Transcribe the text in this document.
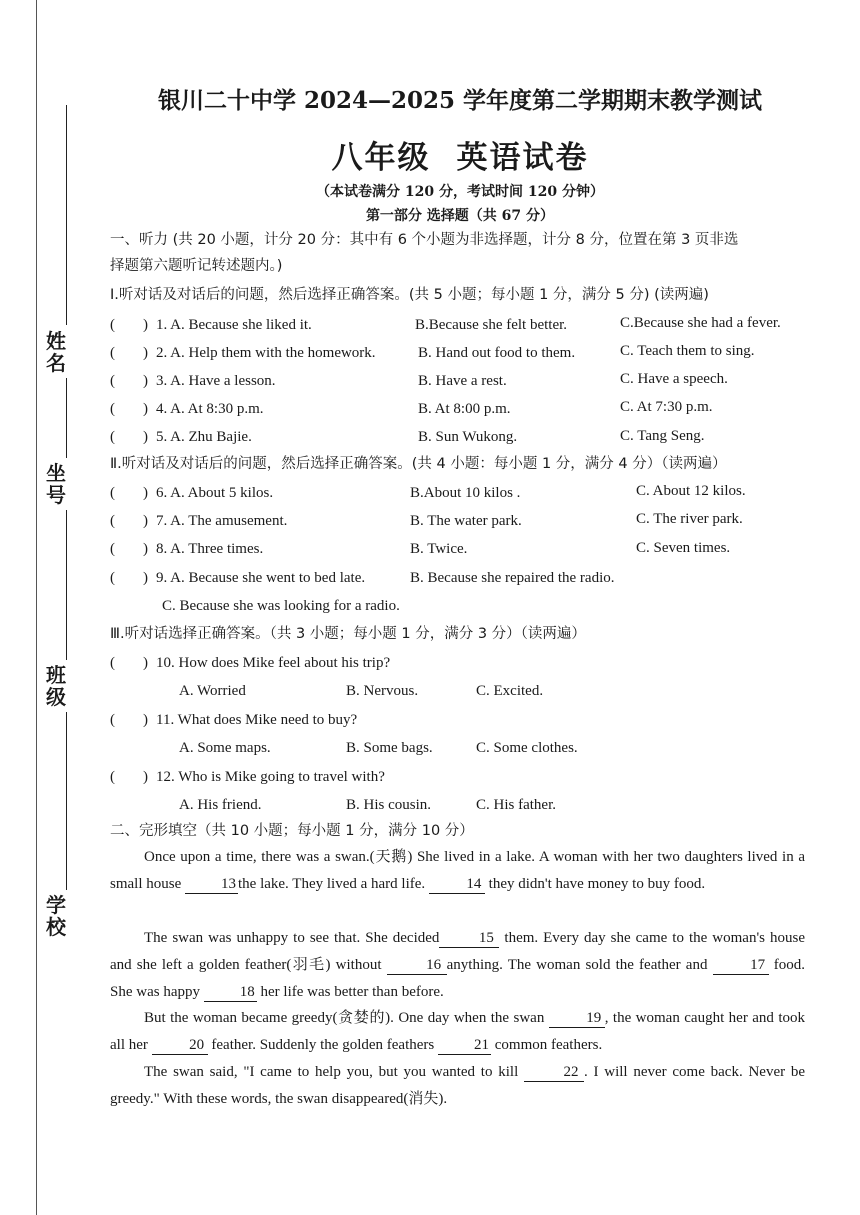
姓名
坐号
班级
学校
银川二十中学 2024—2025 学年度第二学期期末教学测试
八年级 英语试卷
（本试卷满分 120 分，考试时间 120 分钟）
第一部分 选择题（共 67 分）
一、听力 (共 20 小题，计分 20 分：其中有 6 个小题为非选择题，计分 8 分，位置在第 3 页非选
择题第六题听记转述题内。)
I.听对话及对话后的问题，然后选择正确答案。(共 5 小题；每小题 1 分，满分 5 分) (读两遍)
( ) 1. A. Because she liked it.	B.Because she felt better.	C.Because she had a fever.
( ) 2. A. Help them with the homework.	B. Hand out food to them.	C. Teach them to sing.
( ) 3. A. Have a lesson.	B. Have a rest.	C. Have a speech.
( ) 4. A. At 8:30 p.m.	B. At 8:00 p.m.	C. At 7:30 p.m.
( ) 5. A. Zhu Bajie.	B. Sun Wukong.	C. Tang Seng.
Ⅱ.听对话及对话后的问题，然后选择正确答案。(共 4 小题：每小题 1 分，满分 4 分）（读两遍）
( ) 6. A. About 5 kilos.	B.About 10 kilos .	C. About 12 kilos.
( ) 7. A. The amusement.	B. The water park.	C. The river park.
( ) 8. A. Three times.	B. Twice.	C. Seven times.
( ) 9. A. Because she went to bed late.	B. Because she repaired the radio.
C. Because she was looking for a radio.
Ⅲ.听对话选择正确答案。（共 3 小题；每小题 1 分，满分 3 分）（读两遍）
( ) 10. How does Mike feel about his trip?
A. Worried	B. Nervous.	C. Excited.
( ) 11. What does Mike need to buy?
A. Some maps.	B. Some bags.	C. Some clothes.
( ) 12. Who is Mike going to travel with?
A. His friend.	B. His cousin.	C. His father.
二、完形填空（共 10 小题；每小题 1 分，满分 10 分）
Once upon a time, there was a swan.(天鹅) She lived in a lake. A woman with her two daughters lived in a small house 13 the lake. They lived a hard life.	14 they didn't have money to buy food.
The swan was unhappy to see that. She decided	15 them. Every day she came to the woman's house and she left a golden feather(羽毛) without	16 anything. The woman sold the feather and	17 food. She was happy 18 her life was better than before.
But the woman became greedy(贪婪的). One day when the swan	19 , the woman caught her and took all her	20 feather. Suddenly the golden feathers 21 common feathers.
The swan said, "I came to help you, but you wanted to kill	22 . I will never come back. Never be greedy." With these words, the swan disappeared(消失).
